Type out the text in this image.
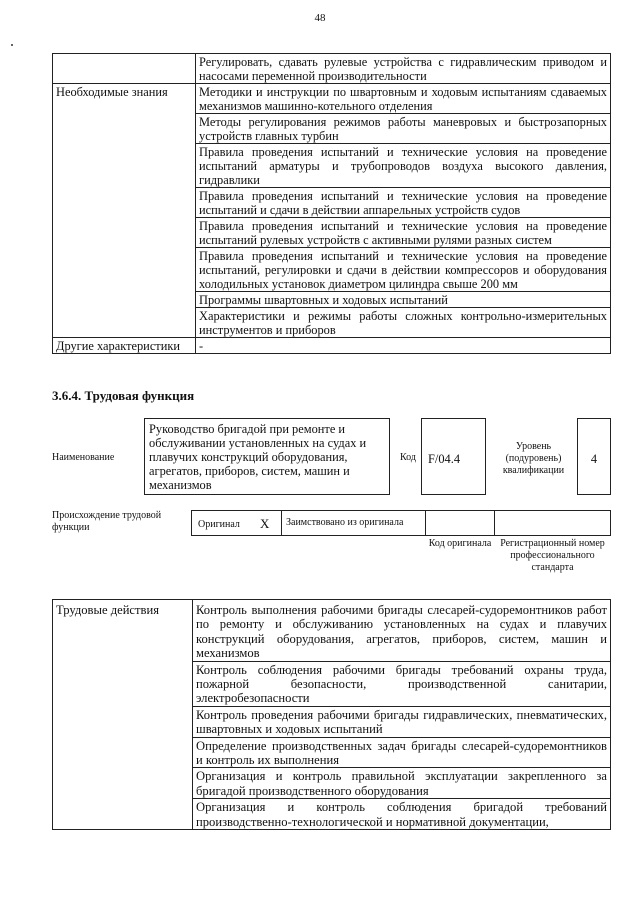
48
	Регулировать, сдавать рулевые устройства с гидравлическим приводом и насосами переменной производительности
Необходимые знания	Методики и инструкции по швартовным и ходовым испытаниям сдаваемых механизмов машинно-котельного отделения
	Методы регулирования режимов работы маневровых и быстрозапорных устройств главных турбин
	Правила проведения испытаний и технические условия на проведение испытаний арматуры и трубопроводов воздуха высокого давления, гидравлики
	Правила проведения испытаний и технические условия на проведение испытаний и сдачи в действии аппарельных устройств судов
	Правила проведения испытаний и технические условия на проведение испытаний рулевых устройств с активными рулями разных систем
	Правила проведения испытаний и технические условия на проведение испытаний, регулировки и сдачи в действии компрессоров и оборудования холодильных установок диаметром цилиндра свыше 200 мм
	Программы швартовных и ходовых испытаний
	Характеристики и режимы работы сложных контрольно-измерительных инструментов и приборов
Другие характеристики	-
3.6.4. Трудовая функция
Наименование
Руководство бригадой при ремонте и обслуживании установленных на судах и плавучих конструкций оборудования, агрегатов, приборов, систем, машин и механизмов
Код F/04.4
Уровень (подуровень) квалификации
4
Происхождение трудовой функции	Оригинал X	Заимствовано из оригинала
Код оригинала Регистрационный номер профессионального стандарта
Трудовые действия	Контроль выполнения рабочими бригады слесарей-судоремонтников работ по ремонту и обслуживанию установленных на судах и плавучих конструкций оборудования, агрегатов, приборов, систем, машин и механизмов
Контроль соблюдения рабочими бригады требований охраны труда, пожарной безопасности, производственной санитарии, электробезопасности
Контроль проведения рабочими бригады гидравлических, пневматических, швартовных и ходовых испытаний
Определение производственных задач бригады слесарей-судоремонтников и контроль их выполнения
Организация и контроль правильной эксплуатации закрепленного за бригадой производственного оборудования
Организация и контроль соблюдения бригадой требований производственно-технологической и нормативной документации,
